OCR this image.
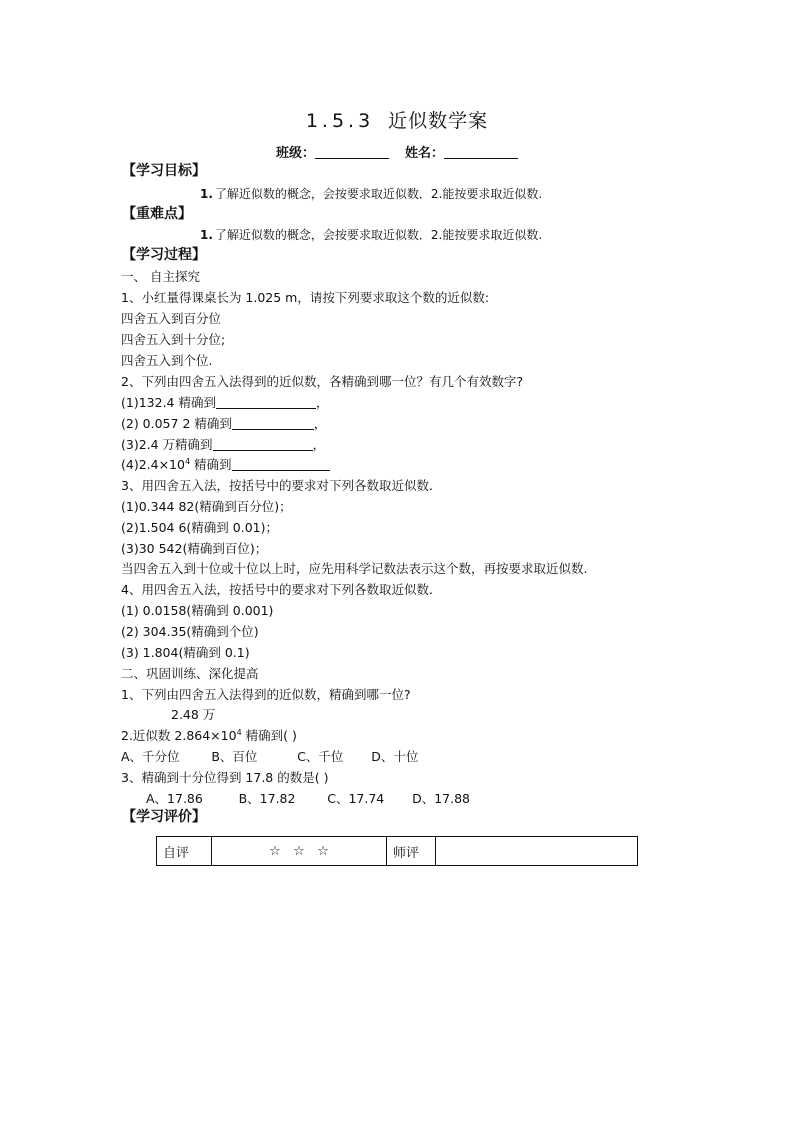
1.5.3 近似数学案
班级：	姓名：
【学习目标】
1. 了解近似数的概念，会按要求取近似数．2.能按要求取近似数.
【重难点】
1. 了解近似数的概念，会按要求取近似数．2.能按要求取近似数.
【学习过程】
一、 自主探究
1、小红量得课桌长为 1.025 m，请按下列要求取这个数的近似数:
四舍五入到百分位
四舍五入到十分位;
四舍五入到个位.
2、下列由四舍五入法得到的近似数，各精确到哪一位？有几个有效数字?
(1)132.4 精确到	，
(2) 0.057 2 精确到	，
(3)2.4 万精确到	，
$(4)2.4\times 10^4$ 精确到
3、用四舍五入法，按括号中的要求对下列各数取近似数.
(1)0.344 82(精确到百分位)；
(2)1.504 6(精确到 0.01)；
(3)30 542(精确到百位)；
当四舍五入到十位或十位以上时，应先用科学记数法表示这个数，再按要求取近似数.
4、用四舍五入法，按括号中的要求对下列各数取近似数.
(1) 0.0158(精确到 0.001)
(2) 304.35(精确到个位)
(3) 1.804(精确到 0.1)
二、巩固训练、深化提高
1、下列由四舍五入法得到的近似数，精确到哪一位?
2.48 万
2.近似数 $2.864\times 10^4$ 精确到( )
A、千分位        B、百位          C、千位       D、十位
3、精确到十分位得到 17.8 的数是( )
A、17.86         B、17.82        C、17.74       D、17.88
【学习评价】
自评	☆   ☆   ☆	师评	
